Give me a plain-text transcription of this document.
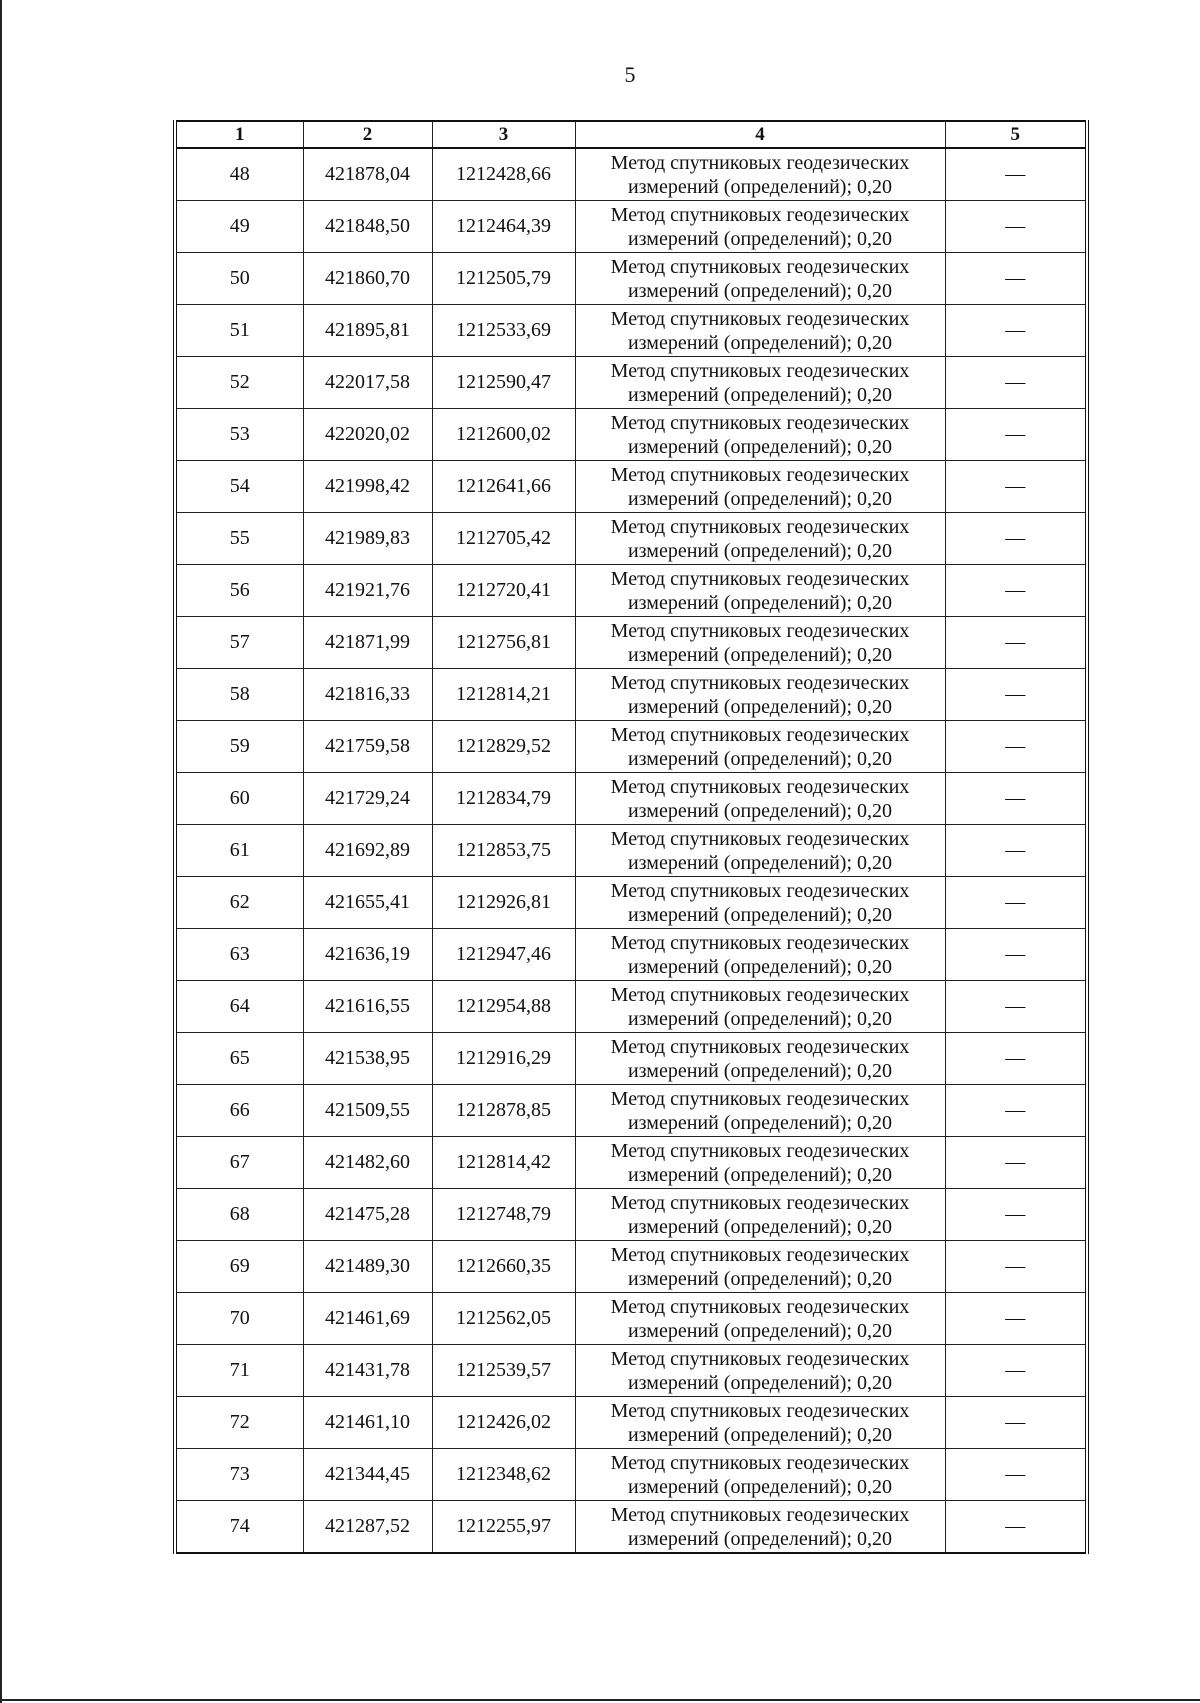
5
1	2	3	4	5
48	421878,04	1212428,66	Метод спутниковых геодезических измерений (определений); 0,20	—
49	421848,50	1212464,39	Метод спутниковых геодезических измерений (определений); 0,20	—
50	421860,70	1212505,79	Метод спутниковых геодезических измерений (определений); 0,20	—
51	421895,81	1212533,69	Метод спутниковых геодезических измерений (определений); 0,20	—
52	422017,58	1212590,47	Метод спутниковых геодезических измерений (определений); 0,20	—
53	422020,02	1212600,02	Метод спутниковых геодезических измерений (определений); 0,20	—
54	421998,42	1212641,66	Метод спутниковых геодезических измерений (определений); 0,20	—
55	421989,83	1212705,42	Метод спутниковых геодезических измерений (определений); 0,20	—
56	421921,76	1212720,41	Метод спутниковых геодезических измерений (определений); 0,20	—
57	421871,99	1212756,81	Метод спутниковых геодезических измерений (определений); 0,20	—
58	421816,33	1212814,21	Метод спутниковых геодезических измерений (определений); 0,20	—
59	421759,58	1212829,52	Метод спутниковых геодезических измерений (определений); 0,20	—
60	421729,24	1212834,79	Метод спутниковых геодезических измерений (определений); 0,20	—
61	421692,89	1212853,75	Метод спутниковых геодезических измерений (определений); 0,20	—
62	421655,41	1212926,81	Метод спутниковых геодезических измерений (определений); 0,20	—
63	421636,19	1212947,46	Метод спутниковых геодезических измерений (определений); 0,20	—
64	421616,55	1212954,88	Метод спутниковых геодезических измерений (определений); 0,20	—
65	421538,95	1212916,29	Метод спутниковых геодезических измерений (определений); 0,20	—
66	421509,55	1212878,85	Метод спутниковых геодезических измерений (определений); 0,20	—
67	421482,60	1212814,42	Метод спутниковых геодезических измерений (определений); 0,20	—
68	421475,28	1212748,79	Метод спутниковых геодезических измерений (определений); 0,20	—
69	421489,30	1212660,35	Метод спутниковых геодезических измерений (определений); 0,20	—
70	421461,69	1212562,05	Метод спутниковых геодезических измерений (определений); 0,20	—
71	421431,78	1212539,57	Метод спутниковых геодезических измерений (определений); 0,20	—
72	421461,10	1212426,02	Метод спутниковых геодезических измерений (определений); 0,20	—
73	421344,45	1212348,62	Метод спутниковых геодезических измерений (определений); 0,20	—
74	421287,52	1212255,97	Метод спутниковых геодезических измерений (определений); 0,20	—
